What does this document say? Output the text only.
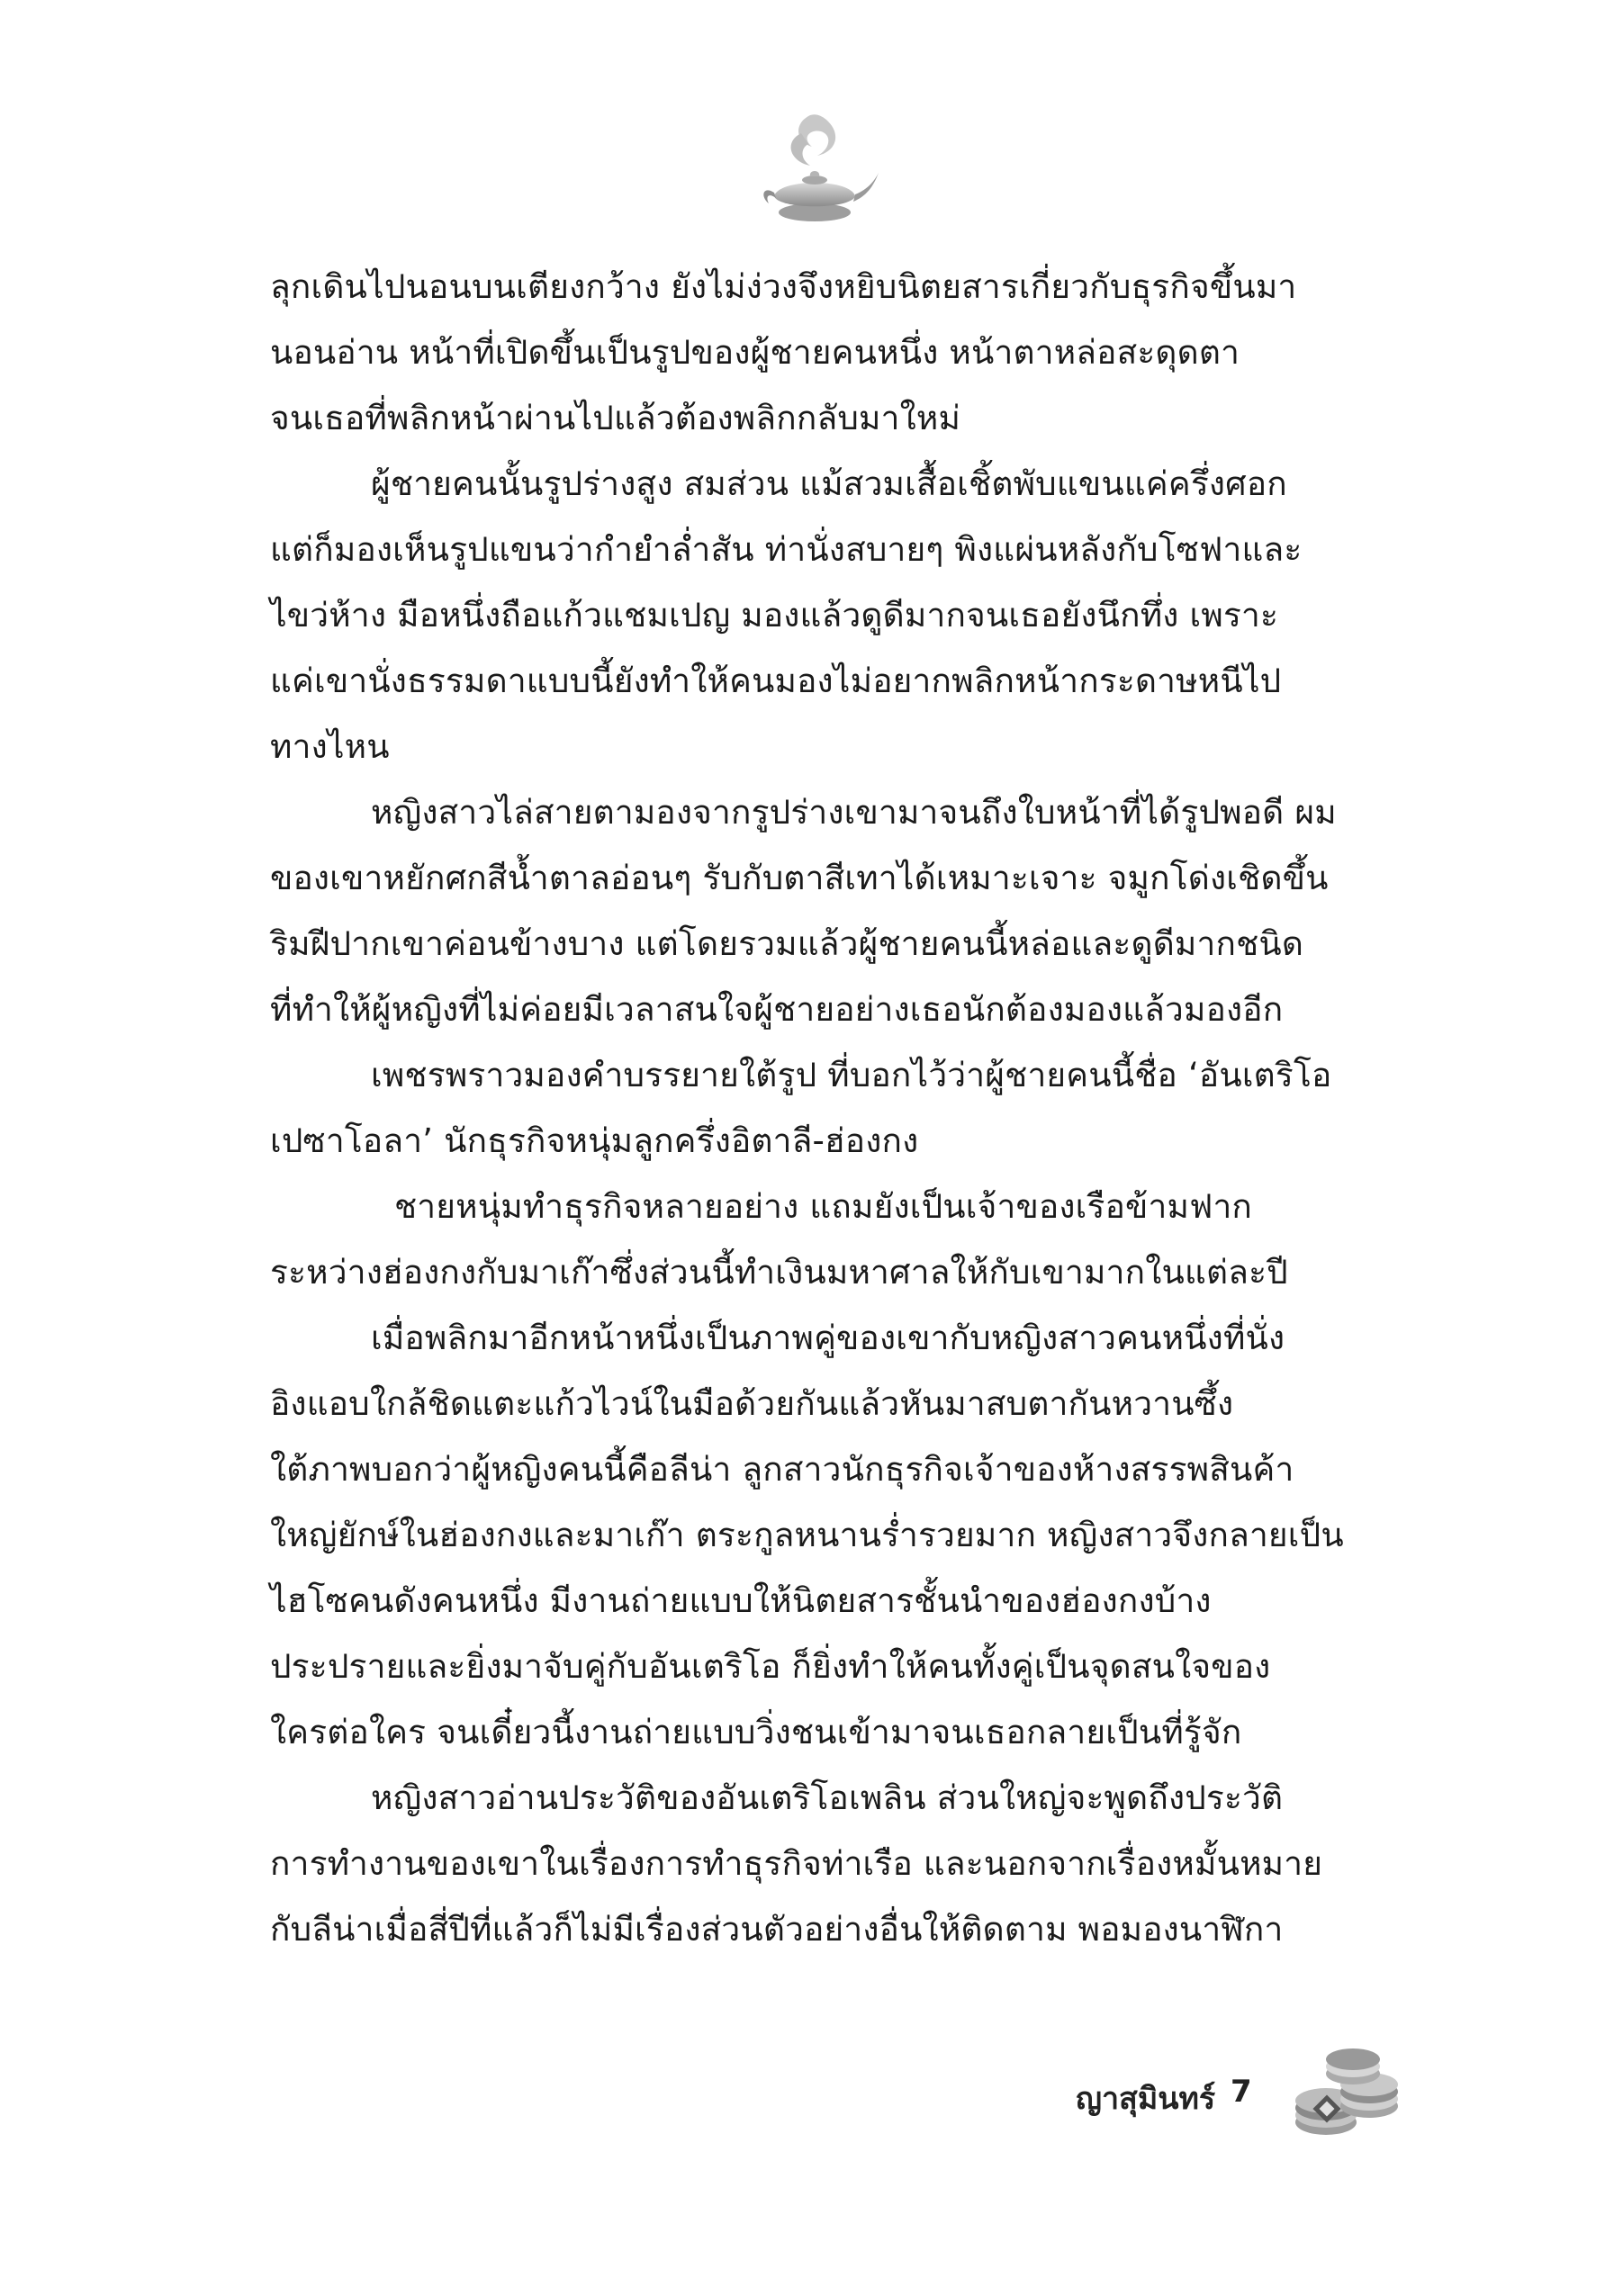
ลุกเดินไปนอนบนเตียงกว้าง ยังไม่ง่วงจึงหยิบนิตยสารเกี่ยวกับธุรกิจขึ้นมา
นอนอ่าน หน้าที่เปิดขึ้นเป็นรูปของผู้ชายคนหนึ่ง หน้าตาหล่อสะดุดตา
จนเธอที่พลิกหน้าผ่านไปแล้วต้องพลิกกลับมาใหม่
ผู้ชายคนนั้นรูปร่างสูง สมส่วน แม้สวมเสื้อเชิ้ตพับแขนแค่ครึ่งศอก
แต่ก็มองเห็นรูปแขนว่ากำยำล่ำสัน ท่านั่งสบายๆ พิงแผ่นหลังกับโซฟาและ
ไขว่ห้าง มือหนึ่งถือแก้วแชมเปญ มองแล้วดูดีมากจนเธอยังนึกทึ่ง เพราะ
แค่เขานั่งธรรมดาแบบนี้ยังทำให้คนมองไม่อยากพลิกหน้ากระดาษหนีไป
ทางไหน
หญิงสาวไล่สายตามองจากรูปร่างเขามาจนถึงใบหน้าที่ได้รูปพอดี ผม
ของเขาหยักศกสีน้ำตาลอ่อนๆ รับกับตาสีเทาได้เหมาะเจาะ จมูกโด่งเชิดขึ้น
ริมฝีปากเขาค่อนข้างบาง แต่โดยรวมแล้วผู้ชายคนนี้หล่อและดูดีมากชนิด
ที่ทำให้ผู้หญิงที่ไม่ค่อยมีเวลาสนใจผู้ชายอย่างเธอนักต้องมองแล้วมองอีก
เพชรพราวมองคำบรรยายใต้รูป ที่บอกไว้ว่าผู้ชายคนนี้ชื่อ ‘อันเตริโอ
เปซาโอลา’ นักธุรกิจหนุ่มลูกครึ่งอิตาลี-ฮ่องกง
ชายหนุ่มทำธุรกิจหลายอย่าง แถมยังเป็นเจ้าของเรือข้ามฟาก
ระหว่างฮ่องกงกับมาเก๊าซึ่งส่วนนี้ทำเงินมหาศาลให้กับเขามากในแต่ละปี
เมื่อพลิกมาอีกหน้าหนึ่งเป็นภาพคู่ของเขากับหญิงสาวคนหนึ่งที่นั่ง
อิงแอบใกล้ชิดแตะแก้วไวน์ในมือด้วยกันแล้วหันมาสบตากันหวานซึ้ง
ใต้ภาพบอกว่าผู้หญิงคนนี้คือลีน่า ลูกสาวนักธุรกิจเจ้าของห้างสรรพสินค้า
ใหญ่ยักษ์ในฮ่องกงและมาเก๊า ตระกูลหนานร่ำรวยมาก หญิงสาวจึงกลายเป็น
ไฮโซคนดังคนหนึ่ง มีงานถ่ายแบบให้นิตยสารชั้นนำของฮ่องกงบ้าง
ประปรายและยิ่งมาจับคู่กับอันเตริโอ ก็ยิ่งทำให้คนทั้งคู่เป็นจุดสนใจของ
ใครต่อใคร จนเดี๋ยวนี้งานถ่ายแบบวิ่งชนเข้ามาจนเธอกลายเป็นที่รู้จัก
หญิงสาวอ่านประวัติของอันเตริโอเพลิน ส่วนใหญ่จะพูดถึงประวัติ
การทำงานของเขาในเรื่องการทำธุรกิจท่าเรือ และนอกจากเรื่องหมั้นหมาย
กับลีน่าเมื่อสี่ปีที่แล้วก็ไม่มีเรื่องส่วนตัวอย่างอื่นให้ติดตาม พอมองนาฬิกา
ญาสุมินทร์ 7
